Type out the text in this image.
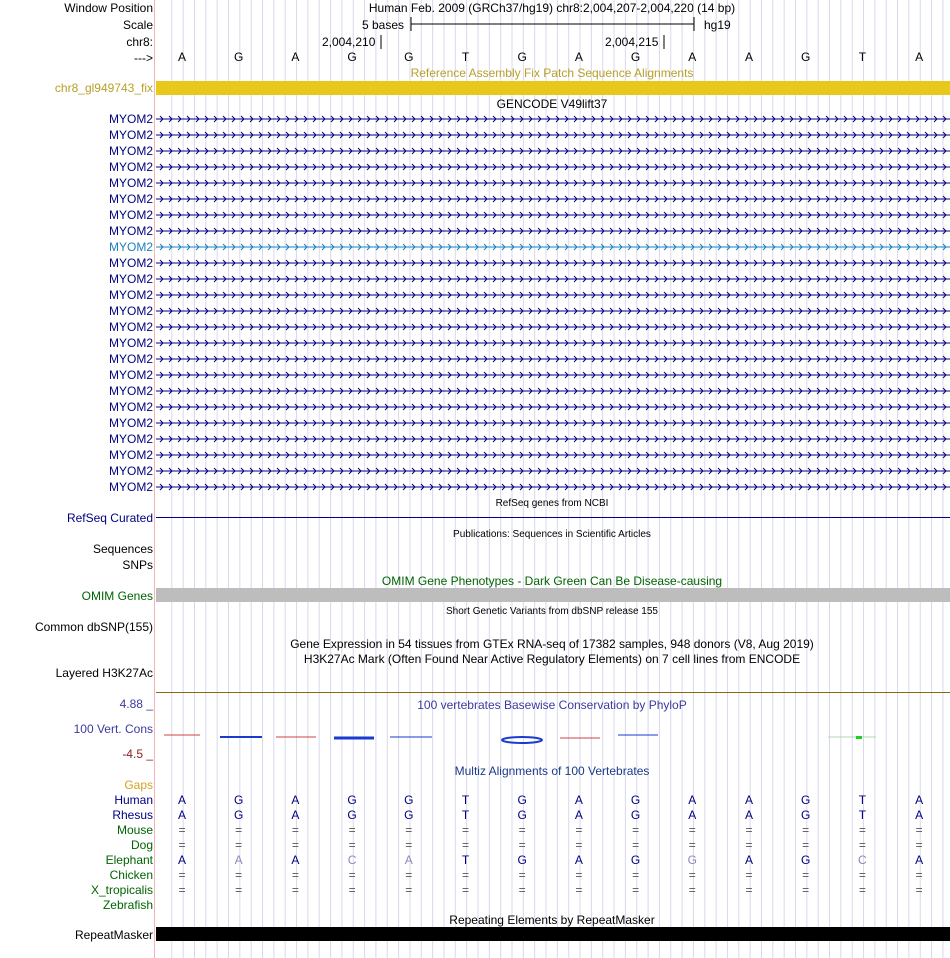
Window Position	Human Feb. 2009 (GRCh37/hg19) chr8:2,004,207-2,004,220 (14 bp)
Scale	5 bases	hg19
chr8:	2,004,210	2,004,215
---> A	G	A	G	G	T	G	A	G	A	A	G	T	A
Reference Assembly Fix Patch Sequence Alignments
chr8_gl949743_fix
GENCODE V49lift37
MYOM2
MYOM2
MYOM2
MYOM2
MYOM2
MYOM2
MYOM2
MYOM2
MYOM2
MYOM2
MYOM2
MYOM2
MYOM2
MYOM2
MYOM2
MYOM2
MYOM2
MYOM2
MYOM2
MYOM2
MYOM2
MYOM2
MYOM2
MYOM2
RefSeq genes from NCBI
RefSeq Curated
Publications: Sequences in Scientific Articles
Sequences
SNPs
OMIM Gene Phenotypes - Dark Green Can Be Disease-causing
OMIM Genes
Short Genetic Variants from dbSNP release 155
Common dbSNP(155)
Gene Expression in 54 tissues from GTEx RNA-seq of 17382 samples, 948 donors (V8, Aug 2019)
H3K27Ac Mark (Often Found Near Active Regulatory Elements) on 7 cell lines from ENCODE
Layered H3K27Ac
100 vertebrates Basewise Conservation by PhyloP
4.88 _
100 Vert. Cons
-4.5 _
Multiz Alignments of 100 Vertebrates
Gaps
Human A	G	A	G	G	T	G	A	G	A	A	G	T	A
Rhesus A	G	A	G	G	T	G	A	G	A	A	G	T	A
Mouse =	=	=	=	=	=	=	=	=	=	=	=	=	=
Dog =	=	=	=	=	=	=	=	=	=	=	=	=	=
Elephant A	A	A	C	A	T	G	A	G	G	A	G	C	A
Chicken =	=	=	=	=	=	=	=	=	=	=	=	=	=
X_tropicalis =	=	=	=	=	=	=	=	=	=	=	=	=	=
Zebrafish
Repeating Elements by RepeatMasker
RepeatMasker
